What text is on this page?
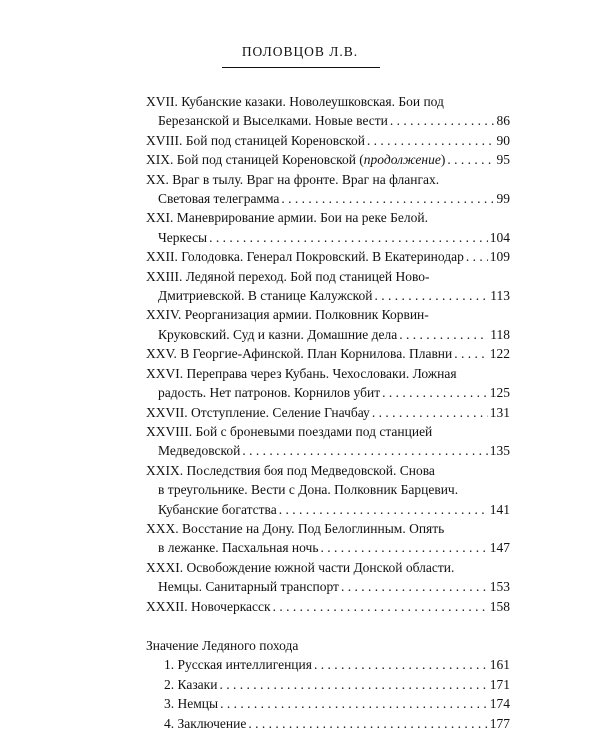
ПОЛОВЦОВ Л.В.
XVII. Кубанские казаки. Новолеушковская. Бои под
Березанской и Выселками. Новые вести . . .	86
XVIII. Бой под станицей Кореновской . . .	90
XIX. Бой под станицей Кореновской (продолжение) . . .	95
XX. Враг в тылу. Враг на фронте. Враг на флангах.
Световая телеграмма . . .	99
XXI. Маневрирование армии. Бои на реке Белой.
Черкесы . . .	104
XXII. Голодовка. Генерал Покровский. В Екатеринодар . . . 109
XXIII. Ледяной переход. Бой под станицей Ново-
Дмитриевской. В станице Калужской . . .	113
XXIV. Реорганизация армии. Полковник Корвин-
Круковский. Суд и казни. Домашние дела . . .	118
XXV. В Георгие-Афинской. План Корнилова. Плавни . . .	122
XXVI. Переправа через Кубань. Чехословаки. Ложная
радость. Нет патронов. Корнилов убит . . .	125
XXVII. Отступление. Селение Гначбау . . .	131
XXVIII. Бой с броневыми поездами под станцией
Медведовской . . .	135
XXIX. Последствия боя под Медведовской. Снова
в треугольнике. Вести с Дона. Полковник Барцевич.
Кубанские богатства . . .	141
XXX. Восстание на Дону. Под Белоглинным. Опять
в лежанке. Пасхальная ночь . . .	147
XXXI. Освобождение южной части Донской области.
Немцы. Санитарный транспорт . . .	153
XXXII. Новочеркасск . . .	158
Значение Ледяного похода
1. Русская интеллигенция . . .	161
2. Казаки . . .	171
3. Немцы . . .	174
4. Заключение . . .	177
